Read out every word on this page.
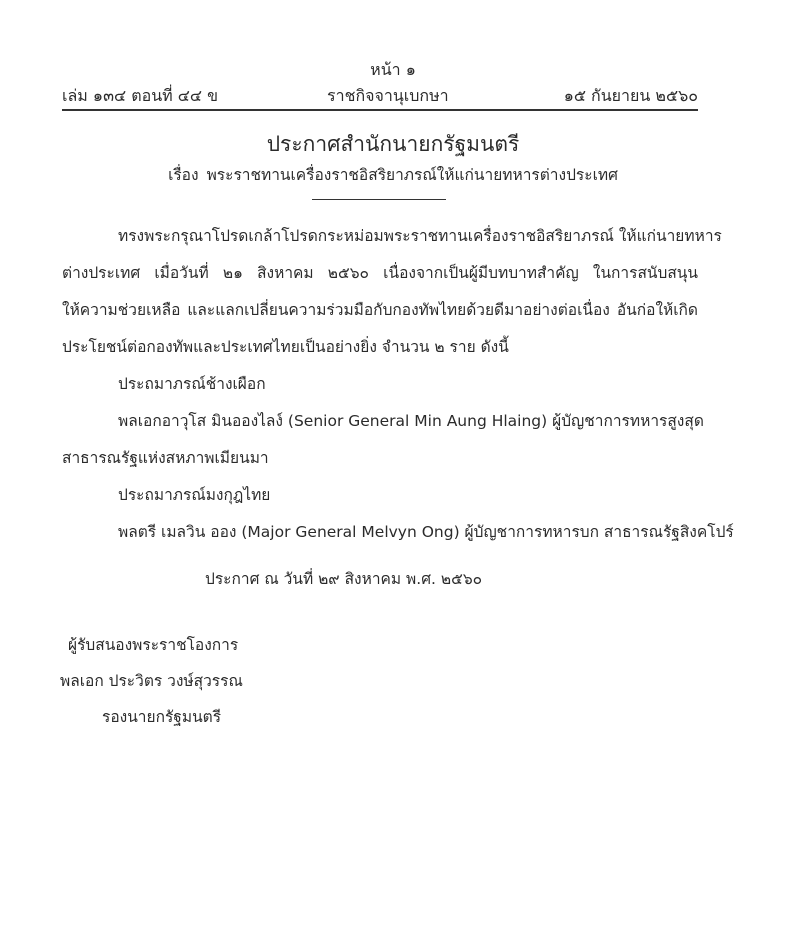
หน้า ๑
เล่ม ๑๓๔ ตอนที่ ๔๔ ข	ราชกิจจานุเบกษา	๑๕ กันยายน ๒๕๖๐
ประกาศสำนักนายกรัฐมนตรี
เรื่อง พระราชทานเครื่องราชอิสริยาภรณ์ให้แก่นายทหารต่างประเทศ
ทรงพระกรุณาโปรดเกล้าโปรดกระหม่อมพระราชทานเครื่องราชอิสริยาภรณ์ ให้แก่นายทหาร
ต่างประเทศ เมื่อวันที่ ๒๑ สิงหาคม ๒๕๖๐ เนื่องจากเป็นผู้มีบทบาทสำคัญ ในการสนับสนุน
ให้ความช่วยเหลือ และแลกเปลี่ยนความร่วมมือกับกองทัพไทยด้วยดีมาอย่างต่อเนื่อง อันก่อให้เกิด
ประโยชน์ต่อกองทัพและประเทศไทยเป็นอย่างยิ่ง จำนวน ๒ ราย ดังนี้
ประถมาภรณ์ช้างเผือก
พลเอกอาวุโส มินอองไลง์ (Senior General Min Aung Hlaing) ผู้บัญชาการทหารสูงสุด
สาธารณรัฐแห่งสหภาพเมียนมา
ประถมาภรณ์มงกุฎไทย
พลตรี เมลวิน ออง (Major General Melvyn Ong) ผู้บัญชาการทหารบก สาธารณรัฐสิงคโปร์
ประกาศ ณ วันที่ ๒๙ สิงหาคม พ.ศ. ๒๕๖๐
ผู้รับสนองพระราชโองการ
พลเอก ประวิตร วงษ์สุวรรณ
รองนายกรัฐมนตรี
